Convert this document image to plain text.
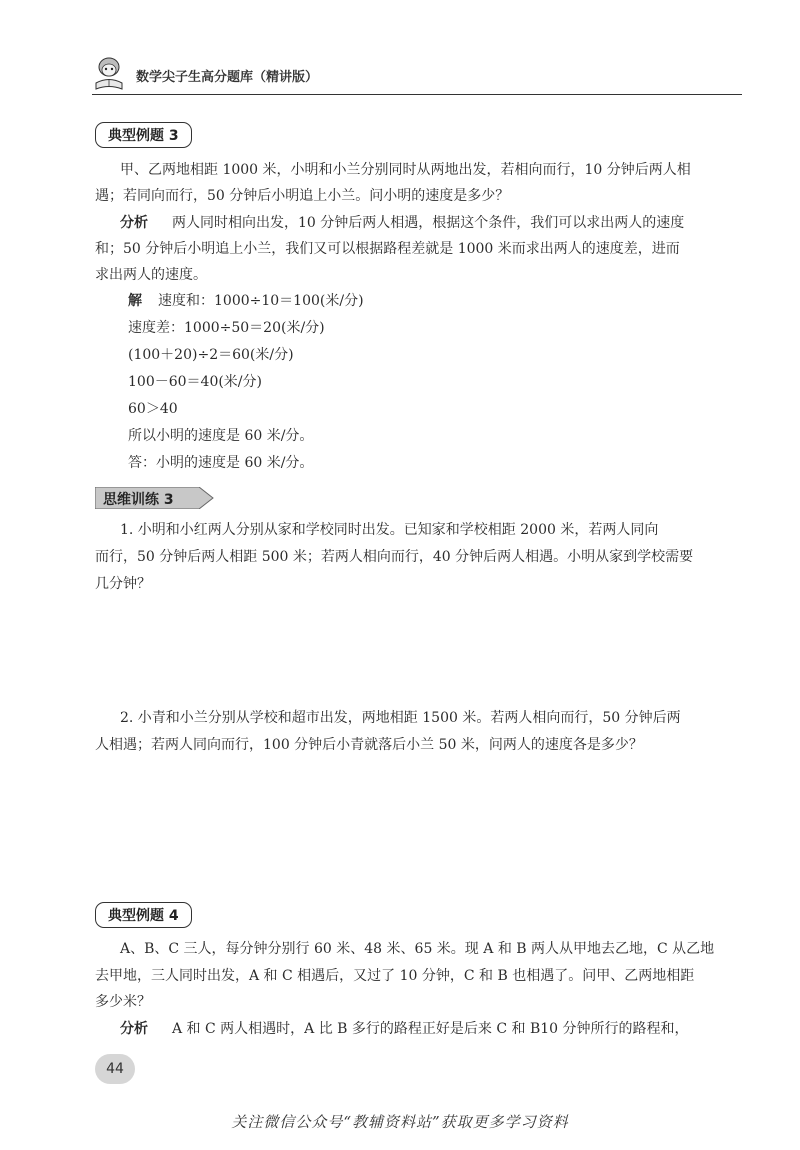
数学尖子生高分题库（精讲版）
典型例题 3
甲、乙两地相距 1000 米，小明和小兰分别同时从两地出发，若相向而行，10 分钟后两人相
遇；若同向而行，50 分钟后小明追上小兰。问小明的速度是多少？
分析 两人同时相向出发，10 分钟后两人相遇，根据这个条件，我们可以求出两人的速度
和；50 分钟后小明追上小兰，我们又可以根据路程差就是 1000 米而求出两人的速度差，进而
求出两人的速度。
解 速度和：1000÷10＝100(米/分)
速度差：1000÷50＝20(米/分)
(100＋20)÷2＝60(米/分)
100－60＝40(米/分)
60＞40
所以小明的速度是 60 米/分。
答：小明的速度是 60 米/分。
思维训练 3
1. 小明和小红两人分别从家和学校同时出发。已知家和学校相距 2000 米，若两人同向
而行，50 分钟后两人相距 500 米；若两人相向而行，40 分钟后两人相遇。小明从家到学校需要
几分钟？
2. 小青和小兰分别从学校和超市出发，两地相距 1500 米。若两人相向而行，50 分钟后两
人相遇；若两人同向而行，100 分钟后小青就落后小兰 50 米，问两人的速度各是多少？
典型例题 4
A、B、C 三人，每分钟分别行 60 米、48 米、65 米。现 A 和 B 两人从甲地去乙地，C 从乙地
去甲地，三人同时出发，A 和 C 相遇后，又过了 10 分钟，C 和 B 也相遇了。问甲、乙两地相距
多少米？
分析 A 和 C 两人相遇时，A 比 B 多行的路程正好是后来 C 和 B10 分钟所行的路程和，
44
关注微信公众号“教辅资料站”获取更多学习资料
